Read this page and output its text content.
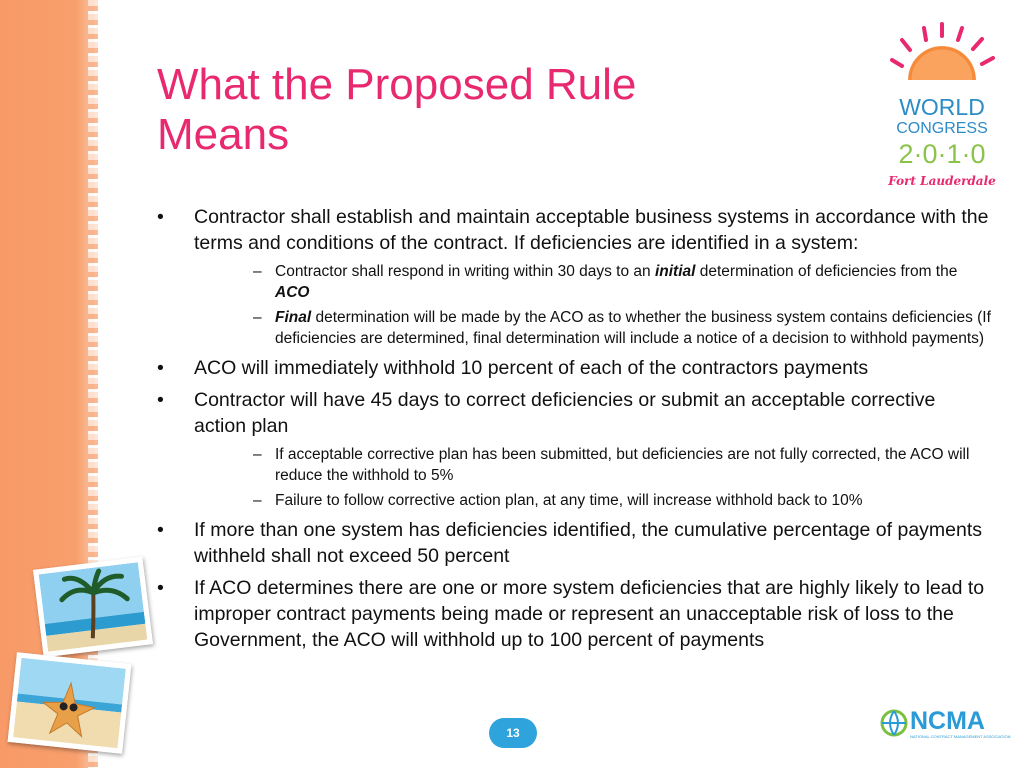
What the Proposed Rule
Means
WORLD
CONGRESS
2·0·1·0
Fort Lauderdale
• Contractor shall establish and maintain acceptable business systems in accordance with the terms and conditions of the contract. If deficiencies are identified in a system:
– Contractor shall respond in writing within 30 days to an initial determination of deficiencies from the ACO
– Final determination will be made by the ACO as to whether the business system contains deficiencies (If deficiencies are determined, final determination will include a notice of a decision to withhold payments)
• ACO will immediately withhold 10 percent of each of the contractors payments
• Contractor will have 45 days to correct deficiencies or submit an acceptable corrective action plan
– If acceptable corrective plan has been submitted, but deficiencies are not fully corrected, the ACO will reduce the withhold to 5%
– Failure to follow corrective action plan, at any time, will increase withhold back to 10%
• If more than one system has deficiencies identified, the cumulative percentage of payments withheld shall not exceed 50 percent
• If ACO determines there are one or more system deficiencies that are highly likely to lead to improper contract payments being made or represent an unacceptable risk of loss to the Government, the ACO will withhold up to 100 percent of payments
13	NCMA
NATIONAL CONTRACT MANAGEMENT ASSOCIATION
